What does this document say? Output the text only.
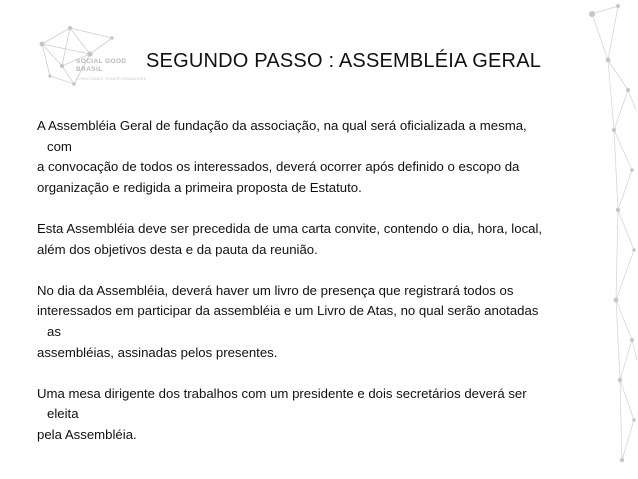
SOCIAL GOOD
BRASIL
CONECTANDO TRANSFORMADORES
SEGUNDO PASSO : ASSEMBLÉIA GERAL
A Assembléia Geral de fundação da associação, na qual será oficializada a mesma,
com
a convocação de todos os interessados, deverá ocorrer após definido o escopo da
organização e redigida a primeira proposta de Estatuto.
Esta Assembléia deve ser precedida de uma carta convite, contendo o dia, hora, local,
além dos objetivos desta e da pauta da reunião.
No dia da Assembléia, deverá haver um livro de presença que registrará todos os
interessados em participar da assembléia e um Livro de Atas, no qual serão anotadas
as
assembléias, assinadas pelos presentes.
Uma mesa dirigente dos trabalhos com um presidente e dois secretários deverá ser
eleita
pela Assembléia.
